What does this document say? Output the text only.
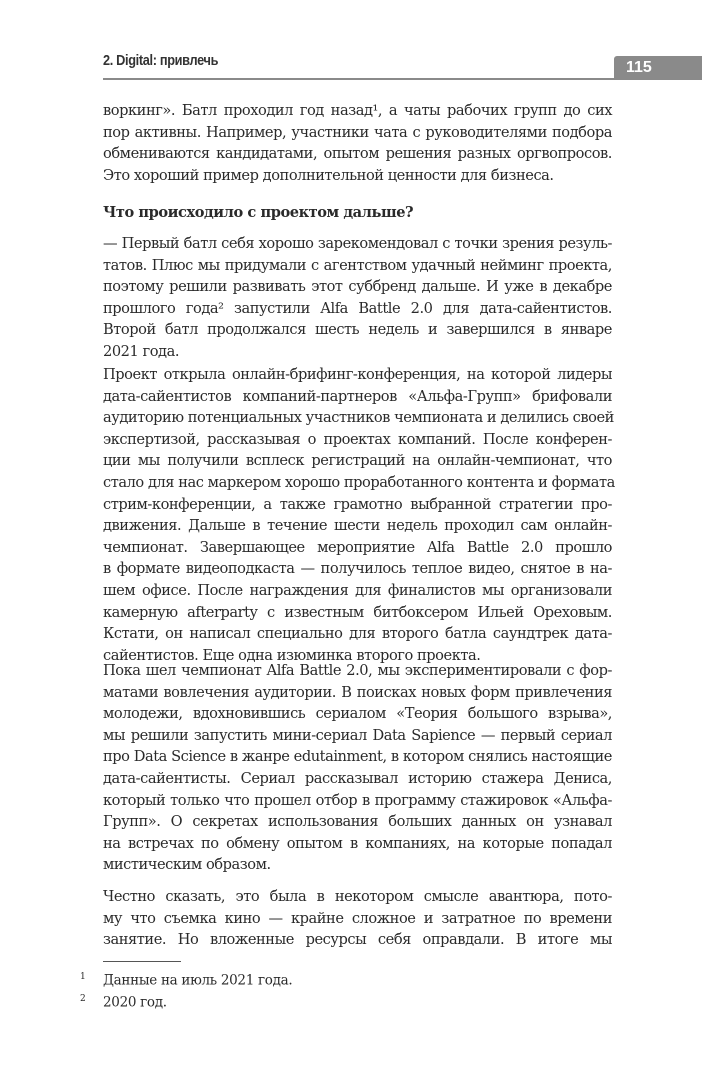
2. Digital: привлечь	115
воркинг». Батл проходил год назад¹, а чаты рабочих групп до сих
пор активны. Например, участники чата с руководителями подбора
обмениваются кандидатами, опытом решения разных оргвопросов.
Это хороший пример дополнительной ценности для бизнеса.
Что происходило с проектом дальше?
— Первый батл себя хорошо зарекомендовал с точки зрения резуль-
татов. Плюс мы придумали с агентством удачный нейминг проекта,
поэтому решили развивать этот суббренд дальше. И уже в декабре
прошлого года² запустили Alfa Battle 2.0 для дата-сайентистов.
Второй батл продолжался шесть недель и завершился в январе
2021 года.
Проект открыла онлайн-брифинг-конференция, на которой лидеры
дата-сайентистов компаний-партнеров «Альфа-Групп» брифовали
аудиторию потенциальных участников чемпионата и делились своей
экспертизой, рассказывая о проектах компаний. После конферен-
ции мы получили всплеск регистраций на онлайн-чемпионат, что
стало для нас маркером хорошо проработанного контента и формата
стрим-конференции, а также грамотно выбранной стратегии про-
движения. Дальше в течение шести недель проходил сам онлайн-
чемпионат. Завершающее мероприятие Alfa Battle 2.0 прошло
в формате видеоподкаста — получилось теплое видео, снятое в на-
шем офисе. После награждения для финалистов мы организовали
камерную afterparty с известным битбоксером Ильей Ореховым.
Кстати, он написал специально для второго батла саундтрек дата-
сайентистов. Еще одна изюминка второго проекта.
Пока шел чемпионат Alfa Battle 2.0, мы экспериментировали с фор-
матами вовлечения аудитории. В поисках новых форм привлечения
молодежи, вдохновившись сериалом «Теория большого взрыва»,
мы решили запустить мини-сериал Data Sapience — первый сериал
про Data Science в жанре edutainment, в котором снялись настоящие
дата-сайентисты. Сериал рассказывал историю стажера Дениса,
который только что прошел отбор в программу стажировок «Альфа-
Групп». О секретах использования больших данных он узнавал
на встречах по обмену опытом в компаниях, на которые попадал
мистическим образом.
Честно сказать, это была в некотором смысле авантюра, пото-
му что съемка кино — крайне сложное и затратное по времени
занятие. Но вложенные ресурсы себя оправдали. В итоге мы
$^1$ Данные на июль 2021 года.
$^2$ 2020 год.
